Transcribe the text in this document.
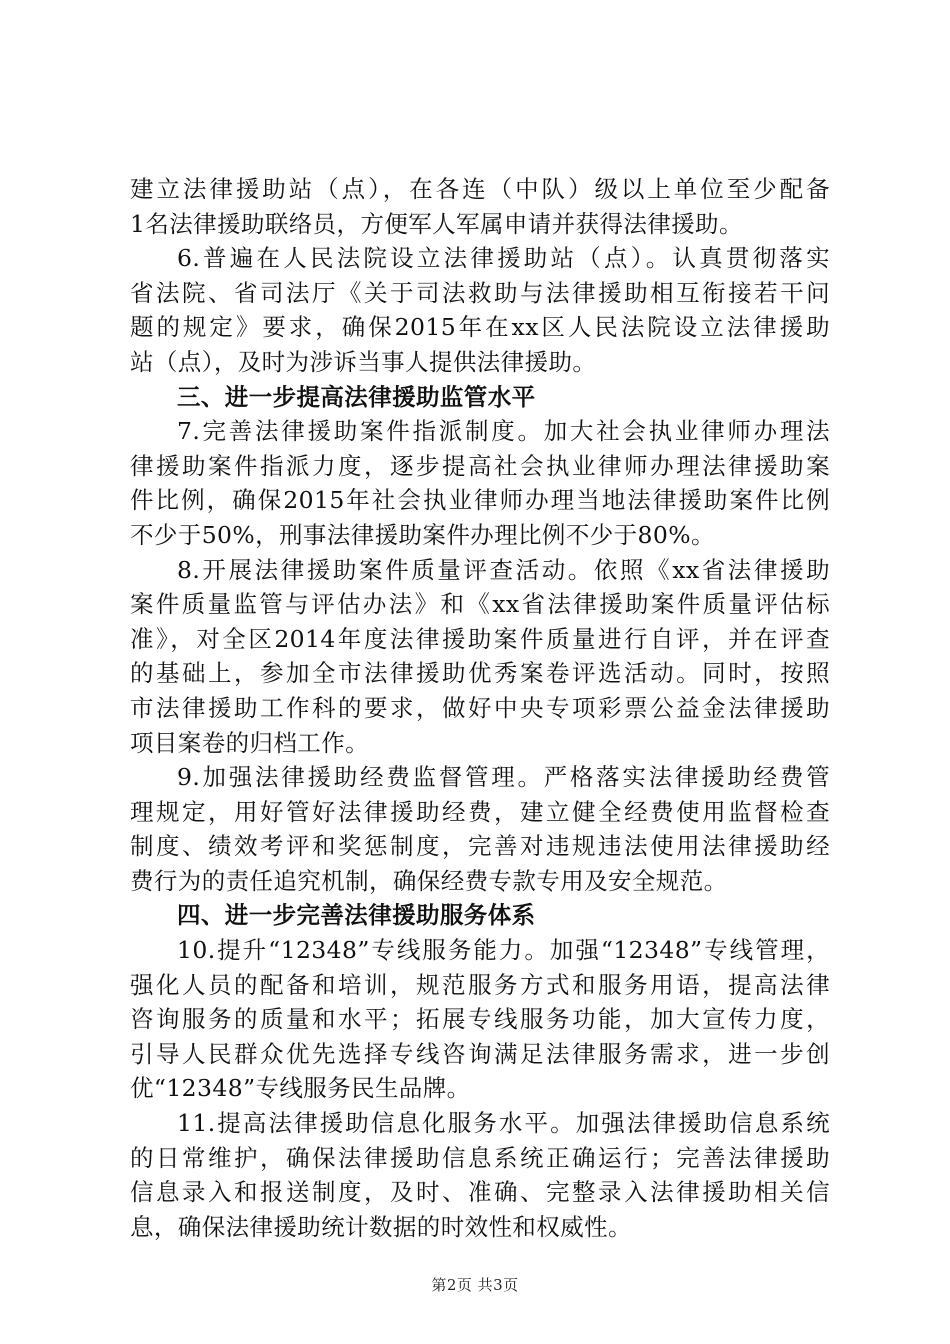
建立法律援助站（点），在各连（中队）级以上单位至少配备
1名法律援助联络员，方便军人军属申请并获得法律援助。
6.普遍在人民法院设立法律援助站（点）。认真贯彻落实
省法院、省司法厅《关于司法救助与法律援助相互衔接若干问
题的规定》要求，确保2015年在xx区人民法院设立法律援助
站（点），及时为涉诉当事人提供法律援助。
三、进一步提高法律援助监管水平
7.完善法律援助案件指派制度。加大社会执业律师办理法
律援助案件指派力度，逐步提高社会执业律师办理法律援助案
件比例，确保2015年社会执业律师办理当地法律援助案件比例
不少于50%，刑事法律援助案件办理比例不少于80%。
8.开展法律援助案件质量评查活动。依照《xx省法律援助
案件质量监管与评估办法》和《xx省法律援助案件质量评估标
准》，对全区2014年度法律援助案件质量进行自评，并在评查
的基础上，参加全市法律援助优秀案卷评选活动。同时，按照
市法律援助工作科的要求，做好中央专项彩票公益金法律援助
项目案卷的归档工作。
9.加强法律援助经费监督管理。严格落实法律援助经费管
理规定，用好管好法律援助经费，建立健全经费使用监督检查
制度、绩效考评和奖惩制度，完善对违规违法使用法律援助经
费行为的责任追究机制，确保经费专款专用及安全规范。
四、进一步完善法律援助服务体系
10.提升“12348”专线服务能力。加强“12348”专线管理，
强化人员的配备和培训，规范服务方式和服务用语，提高法律
咨询服务的质量和水平；拓展专线服务功能，加大宣传力度，
引导人民群众优先选择专线咨询满足法律服务需求，进一步创
优“12348”专线服务民生品牌。
11.提高法律援助信息化服务水平。加强法律援助信息系统
的日常维护，确保法律援助信息系统正确运行；完善法律援助
信息录入和报送制度，及时、准确、完整录入法律援助相关信
息，确保法律援助统计数据的时效性和权威性。
第2页 共3页
